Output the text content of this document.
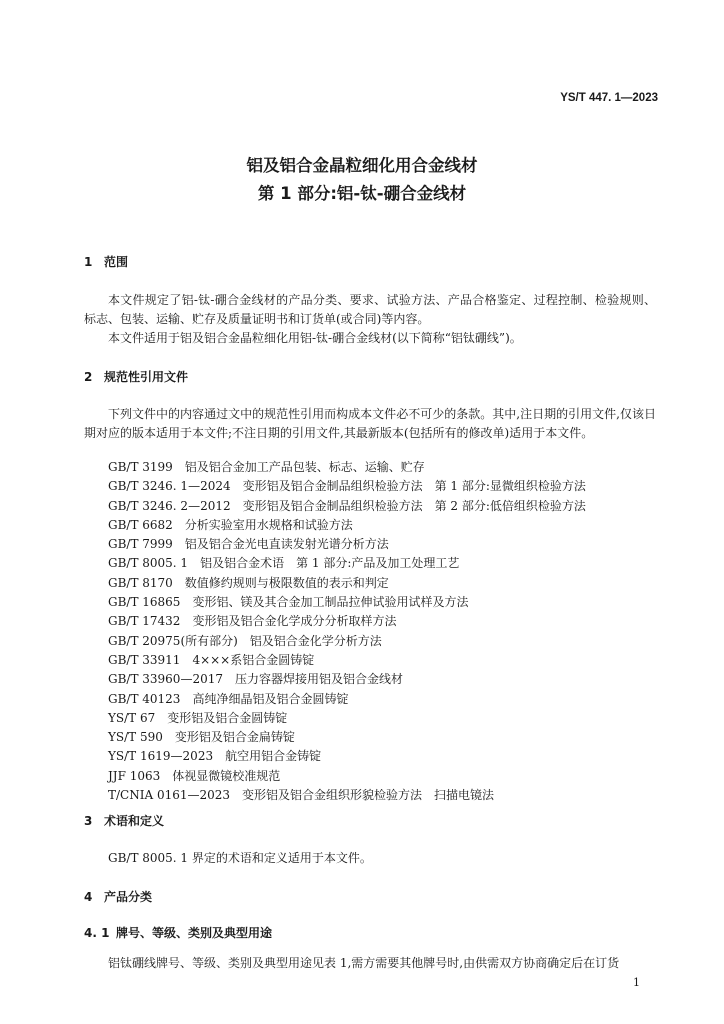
YS/T 447. 1—2023
铝及铝合金晶粒细化用合金线材
第 1 部分:铝-钛-硼合金线材
1 范围
本文件规定了铝-钛-硼合金线材的产品分类、要求、试验方法、产品合格鉴定、过程控制、检验规则、标志、包装、运输、贮存及质量证明书和订货单(或合同)等内容。
本文件适用于铝及铝合金晶粒细化用铝-钛-硼合金线材(以下简称“铝钛硼线”)。
2 规范性引用文件
下列文件中的内容通过文中的规范性引用而构成本文件必不可少的条款。其中,注日期的引用文件,仅该日期对应的版本适用于本文件;不注日期的引用文件,其最新版本(包括所有的修改单)适用于本文件。
GB/T 3199　铝及铝合金加工产品包装、标志、运输、贮存
GB/T 3246. 1—2024　变形铝及铝合金制品组织检验方法　第 1 部分:显微组织检验方法
GB/T 3246. 2—2012　变形铝及铝合金制品组织检验方法　第 2 部分:低倍组织检验方法
GB/T 6682　分析实验室用水规格和试验方法
GB/T 7999　铝及铝合金光电直读发射光谱分析方法
GB/T 8005. 1　铝及铝合金术语　第 1 部分:产品及加工处理工艺
GB/T 8170　数值修约规则与极限数值的表示和判定
GB/T 16865　变形铝、镁及其合金加工制品拉伸试验用试样及方法
GB/T 17432　变形铝及铝合金化学成分分析取样方法
GB/T 20975(所有部分)　铝及铝合金化学分析方法
GB/T 33911　4×××系铝合金圆铸锭
GB/T 33960—2017　压力容器焊接用铝及铝合金线材
GB/T 40123　高纯净细晶铝及铝合金圆铸锭
YS/T 67　变形铝及铝合金圆铸锭
YS/T 590　变形铝及铝合金扁铸锭
YS/T 1619—2023　航空用铝合金铸锭
JJF 1063　体视显微镜校准规范
T/CNIA 0161—2023　变形铝及铝合金组织形貌检验方法　扫描电镜法
3 术语和定义
GB/T 8005. 1 界定的术语和定义适用于本文件。
4 产品分类
4. 1 牌号、等级、类别及典型用途
铝钛硼线牌号、等级、类别及典型用途见表 1,需方需要其他牌号时,由供需双方协商确定后在订货
1
